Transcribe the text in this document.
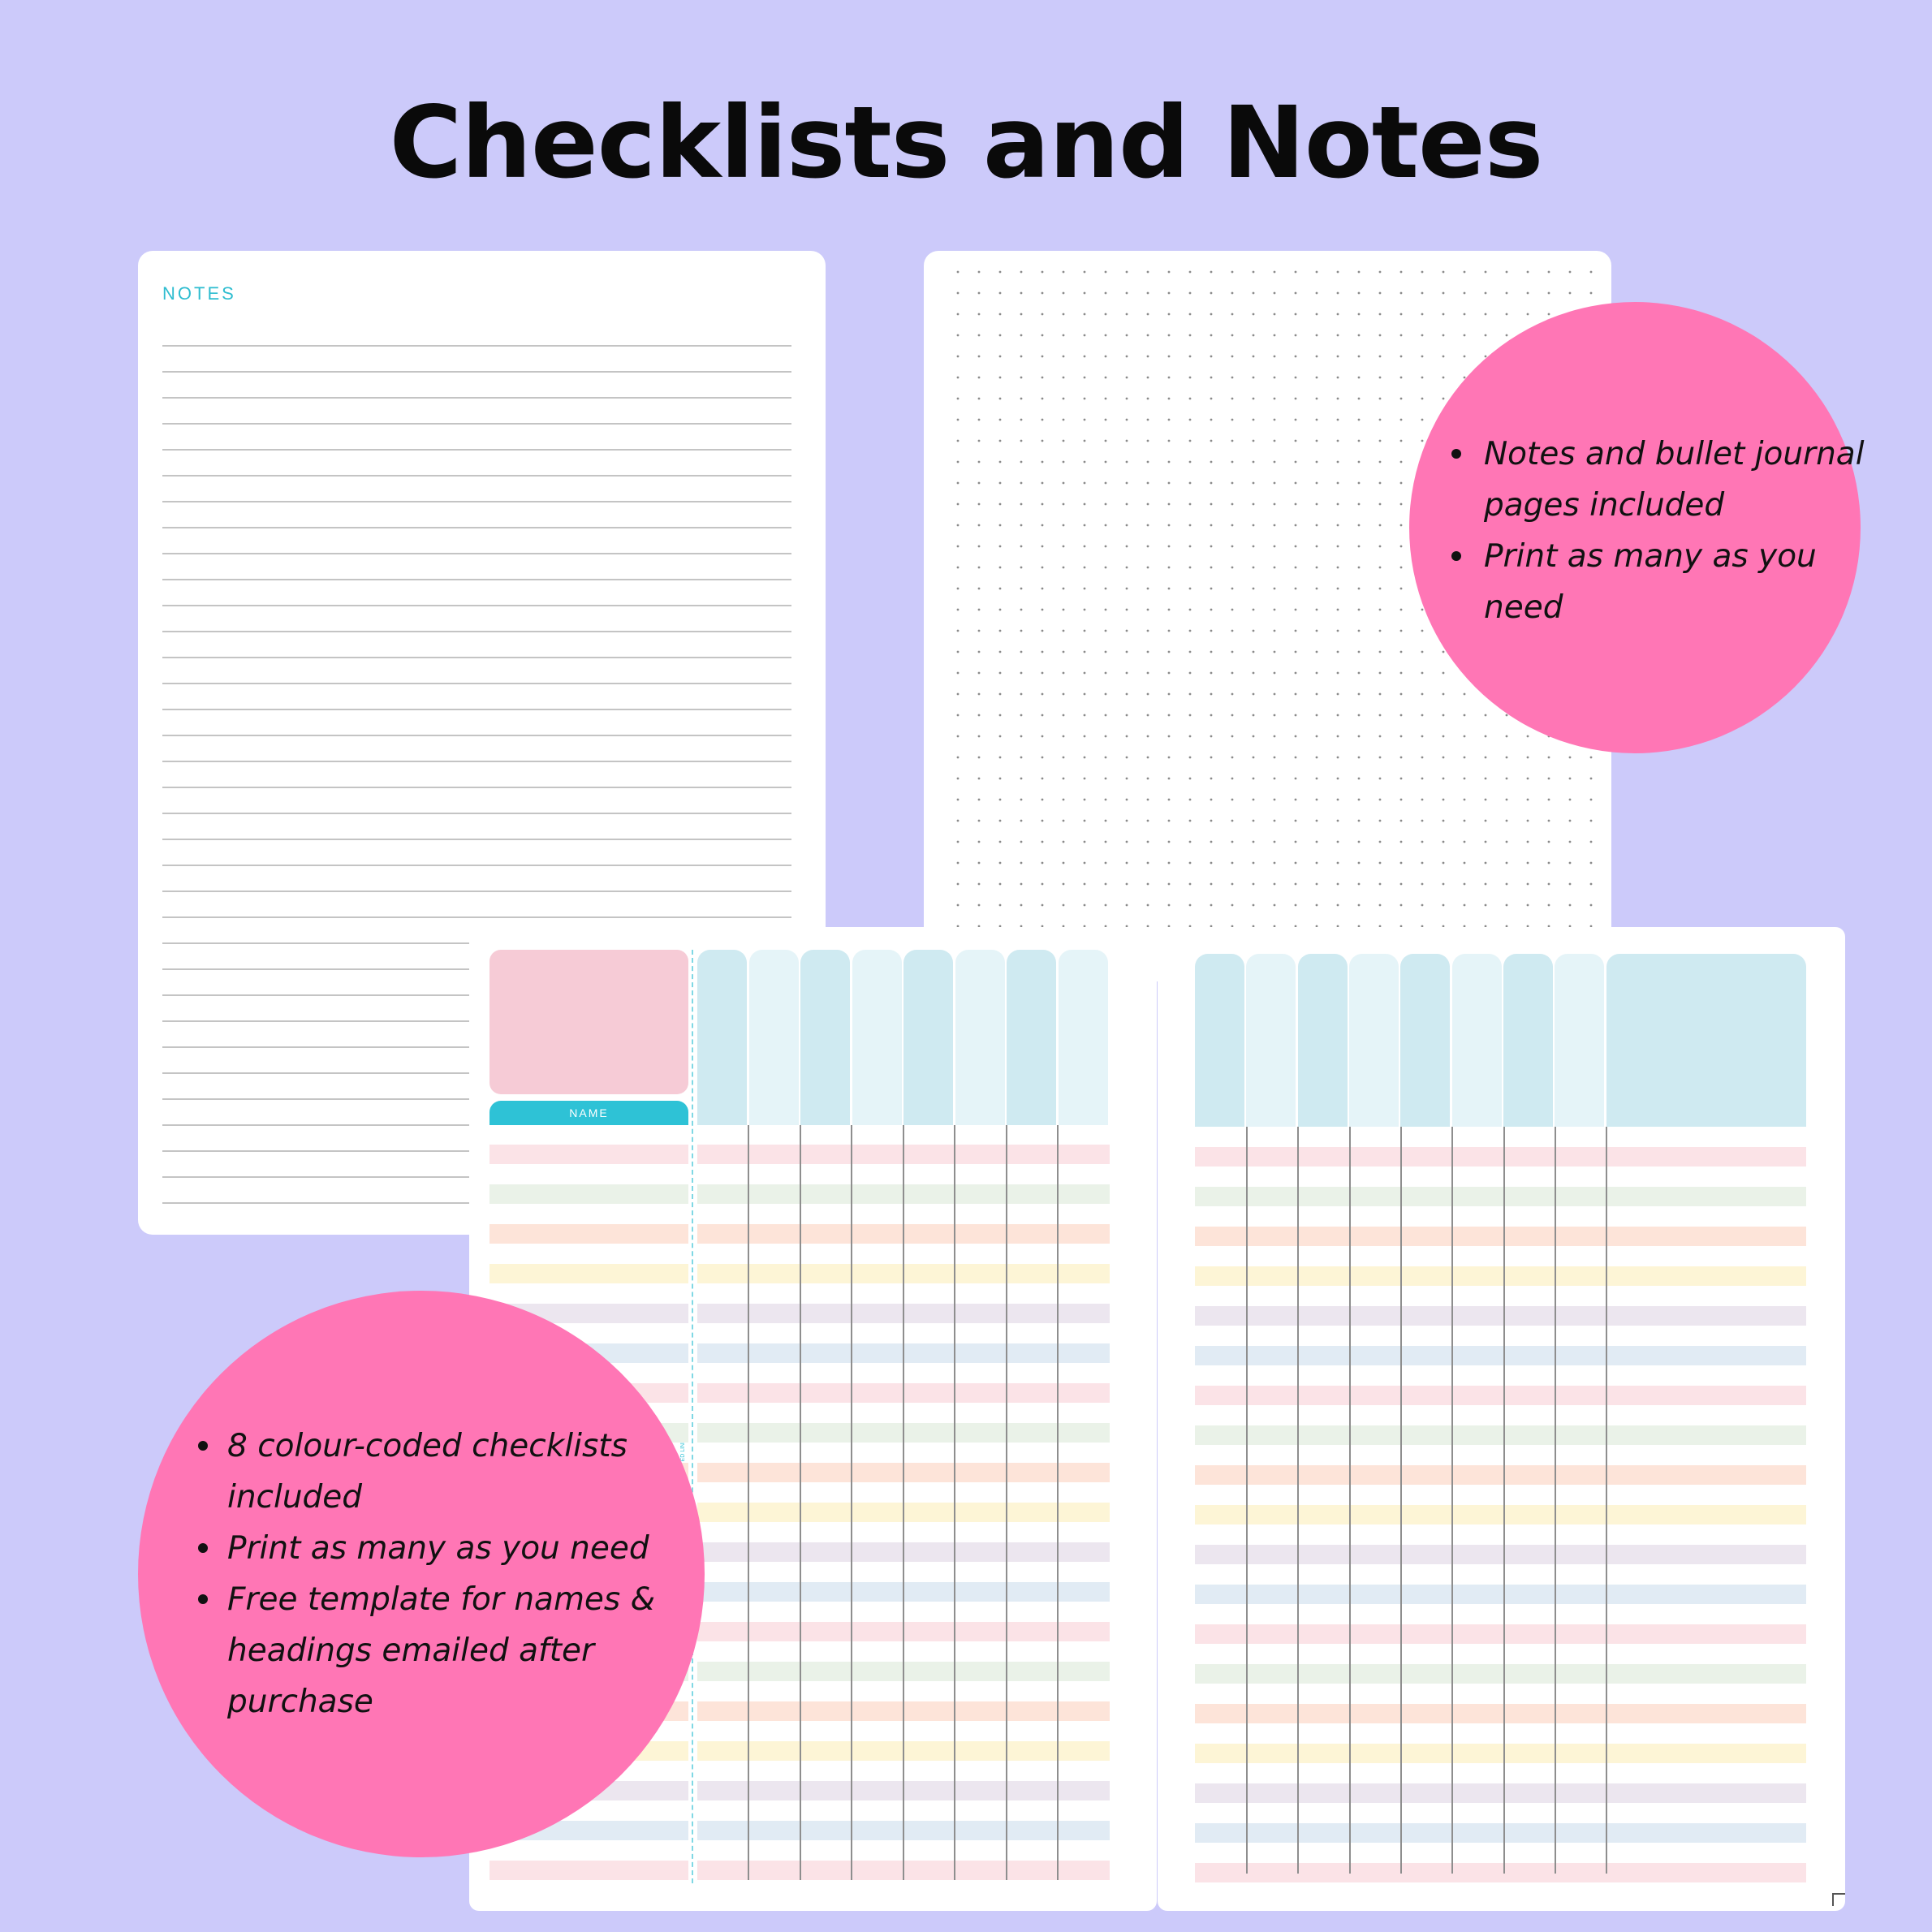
Checklists and Notes
NOTES
NAME
Notes and bullet journal pages included
Print as many as you need
8 colour-coded checklists included
Print as many as you need
Free template for names & headings emailed after purchase
